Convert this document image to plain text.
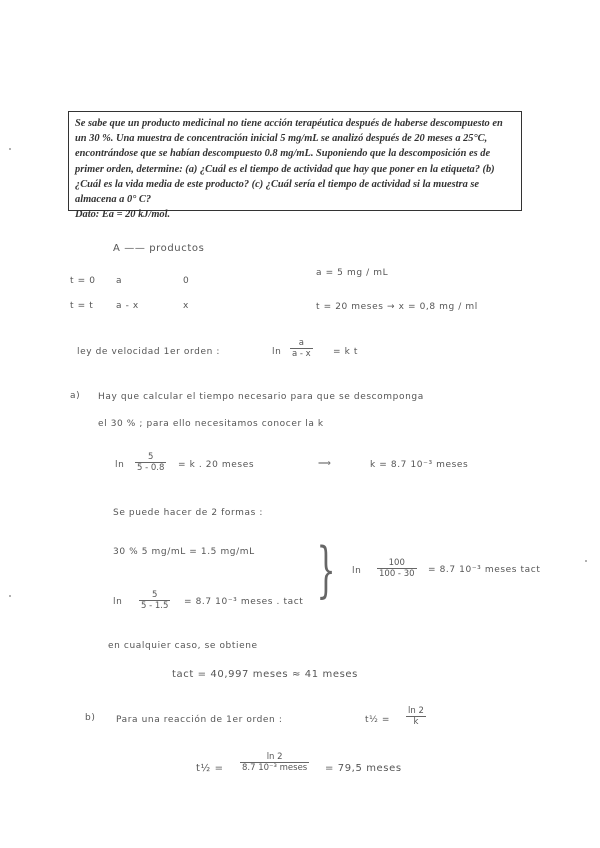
Se sabe que un producto medicinal no tiene acción terapéutica después de haberse descompuesto en un 30 %. Una muestra de concentración inicial 5 mg/mL se analizó después de 20 meses a 25°C, encontrándose que se habían descompuesto 0.8 mg/mL. Suponiendo que la descomposición es de primer orden, determine: (a) ¿Cuál es el tiempo de actividad que hay que poner en la etiqueta? (b) ¿Cuál es la vida media de este producto? (c) ¿Cuál sería el tiempo de actividad si la muestra se almacena a 0° C?

Dato: Ea = 20 kJ/mol.

A —— productos
t = 0 a	0
a = 5 mg / mL
t = t	a - x	x	t = 20 meses → x = 0,8 mg / ml
ley de velocidad 1er orden :	$\ln \frac{a}{a - x} = k$ t
a) Hay que calcular el tiempo necesario para que se descomponga
el 30 % ; para ello necesitamos conocer la k
$\ln \frac{5}{5 - 0.8} = k$ . 20 meses	⟹	k = 8.7 10⁻³ meses
Se puede hacer de 2 formas :
30 % 5 mg/mL = 1.5 mg/mL
$\ln \frac{5}{5 - 1.5} = 8.7$ 10⁻³ meses . tact } $\ln \frac{100}{100 - 30} = 8.7$ 10⁻³ meses tact
en cualquier caso, se obtiene
tact = 40,997 meses ≈ 41 meses
b) Para una reacción de 1er orden :	t½ = $\frac{\ln 2}{k}$
t½ =
ln 2
8.7 10⁻³ meses = 79,5 meses
